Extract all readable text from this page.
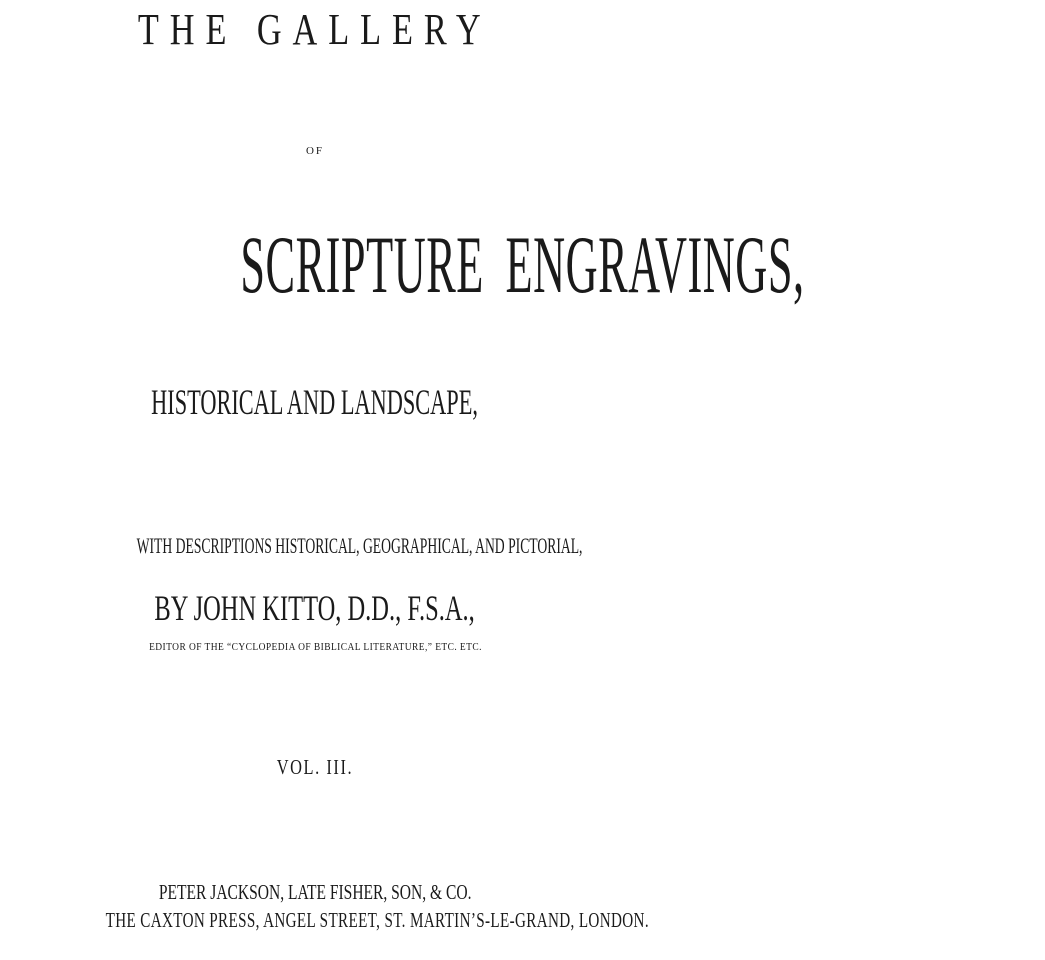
THE GALLERY
OF
SCRIPTURE ENGRAVINGS,
HISTORICAL AND LANDSCAPE,
WITH DESCRIPTIONS HISTORICAL, GEOGRAPHICAL, AND PICTORIAL,
BY JOHN KITTO, D.D., F.S.A.,
EDITOR OF THE “CYCLOPEDIA OF BIBLICAL LITERATURE,” ETC. ETC.
VOL. III.
PETER JACKSON, LATE FISHER, SON, & CO.
THE CAXTON PRESS, ANGEL STREET, ST. MARTIN’S-LE-GRAND, LONDON.
